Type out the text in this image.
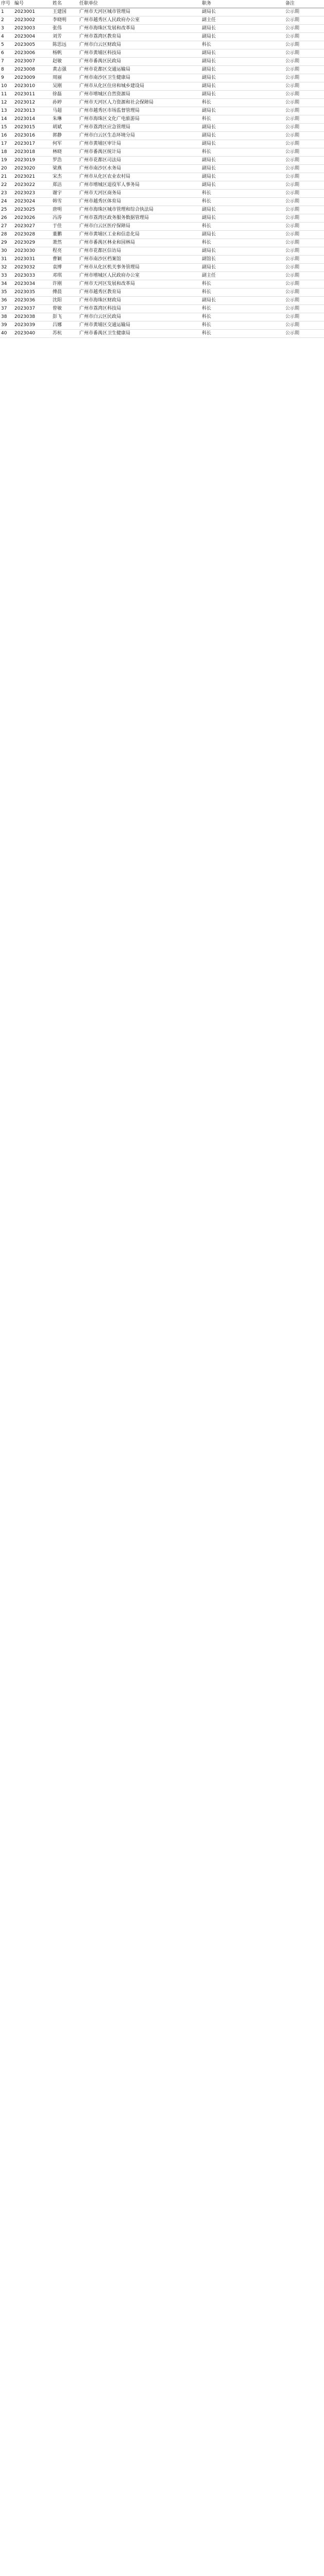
序号	编号	姓名	任职单位	职务	备注
1	2023001	王建国	广州市天河区城市管理局	副局长	公示期
2	2023002	李晓明	广州市越秀区人民政府办公室	副主任	公示期
3	2023003	张伟	广州市海珠区发展和改革局	副局长	公示期
4	2023004	刘芳	广州市荔湾区教育局	副局长	公示期
5	2023005	陈思远	广州市白云区财政局	科长	公示期
6	2023006	杨帆	广州市黄埔区科技局	副局长	公示期
7	2023007	赵敏	广州市番禺区民政局	副局长	公示期
8	2023008	黄志强	广州市花都区交通运输局	副局长	公示期
9	2023009	周丽	广州市南沙区卫生健康局	副局长	公示期
10	2023010	吴刚	广州市从化区住房和城乡建设局	副局长	公示期
11	2023011	徐磊	广州市增城区自然资源局	副局长	公示期
12	2023012	孙婷	广州市天河区人力资源和社会保障局	科长	公示期
13	2023013	马超	广州市越秀区市场监督管理局	副局长	公示期
14	2023014	朱琳	广州市海珠区文化广电旅游局	科长	公示期
15	2023015	胡斌	广州市荔湾区应急管理局	副局长	公示期
16	2023016	郭静	广州市白云区生态环境分局	副局长	公示期
17	2023017	何军	广州市黄埔区审计局	副局长	公示期
18	2023018	林晓	广州市番禺区统计局	科长	公示期
19	2023019	罗浩	广州市花都区司法局	副局长	公示期
20	2023020	梁燕	广州市南沙区水务局	副局长	公示期
21	2023021	宋杰	广州市从化区农业农村局	副局长	公示期
22	2023022	郑洁	广州市增城区退役军人事务局	副局长	公示期
23	2023023	谢宇	广州市天河区商务局	科长	公示期
24	2023024	韩雪	广州市越秀区体育局	科长	公示期
25	2023025	唐明	广州市海珠区城市管理和综合执法局	副局长	公示期
26	2023026	冯涛	广州市荔湾区政务服务数据管理局	副局长	公示期
27	2023027	于佳	广州市白云区医疗保障局	科长	公示期
28	2023028	董鹏	广州市黄埔区工业和信息化局	副局长	公示期
29	2023029	萧然	广州市番禺区林业和园林局	科长	公示期
30	2023030	程亮	广州市花都区信访局	副局长	公示期
31	2023031	曹颖	广州市南沙区档案馆	副馆长	公示期
32	2023032	袁博	广州市从化区机关事务管理局	副局长	公示期
33	2023033	邓琪	广州市增城区人民政府办公室	副主任	公示期
34	2023034	许刚	广州市天河区发展和改革局	科长	公示期
35	2023035	傅晨	广州市越秀区教育局	科长	公示期
36	2023036	沈阳	广州市海珠区财政局	副局长	公示期
37	2023037	曾敏	广州市荔湾区科技局	科长	公示期
38	2023038	彭飞	广州市白云区民政局	科长	公示期
39	2023039	吕娜	广州市黄埔区交通运输局	科长	公示期
40	2023040	苏杭	广州市番禺区卫生健康局	科长	公示期
